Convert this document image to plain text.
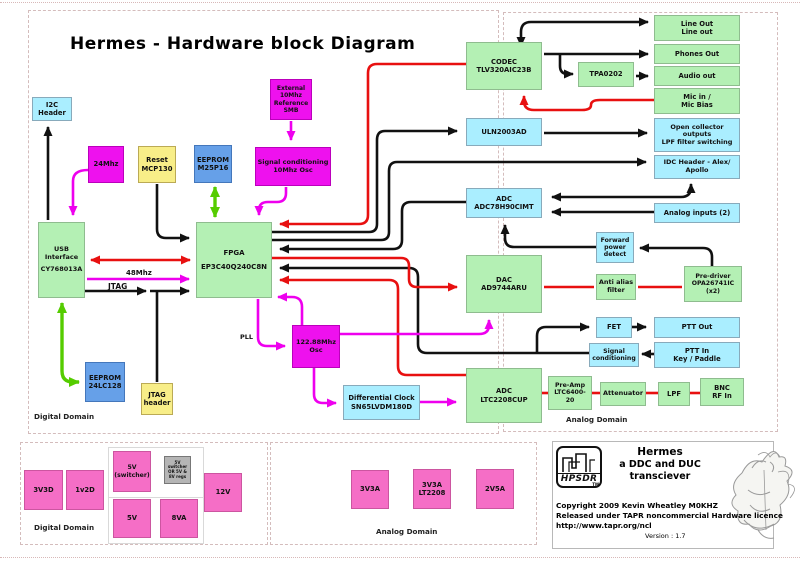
Hermes - Hardware block Diagram
I2C
Header
24Mhz	Reset
MCP130
EEPROM
M25P16
External
10Mhz
Reference
SMB
Signal conditioning
10Mhz Osc
USB
Interface
CY768013A
FPGA
EP3C40Q240C8N
EEPROM
24LC128
JTAG
header
122.88Mhz
Osc
Differential Clock
SN65LVDM180D
CODEC
TLV320AIC23B
ULN2003AD
ADC
ADC78H90CIMT
DAC
AD9744ARU
ADC
LTC2208CUP
TPA0202
Line Out
Line out
Phones Out
Audio out
Mic in /
Mic Bias
Open collector
outputs
LPF filter switching
IDC Header - Alex/
Apollo
Analog inputs (2)
Forward
power
detect
Anti alias
filter
Pre-driver
OPA26741IC
(x2)
FET	PTT Out
Signal
conditioning
PTT In
Key / Paddle
Pre-Amp
LTC6400-
20
Attenuator	LPF
BNC
RF In
3V3D	1v2D
5V
(switcher)
5V
switcher
OR 5V &
8V regs
5V	8VA
12V	3V3A
3V3A
LT2208
2V5A
48Mhz
JTAG
PLL
Digital Domain	Analog Domain
Digital Domain	Analog Domain
HPSDR
TM
Hermes
a DDC and DUC
transciever
Copyright 2009 Kevin Wheatley M0KHZ
Released under TAPR noncommercial Hardware licence
http://www.tapr.org/ncl
Version : 1.7
